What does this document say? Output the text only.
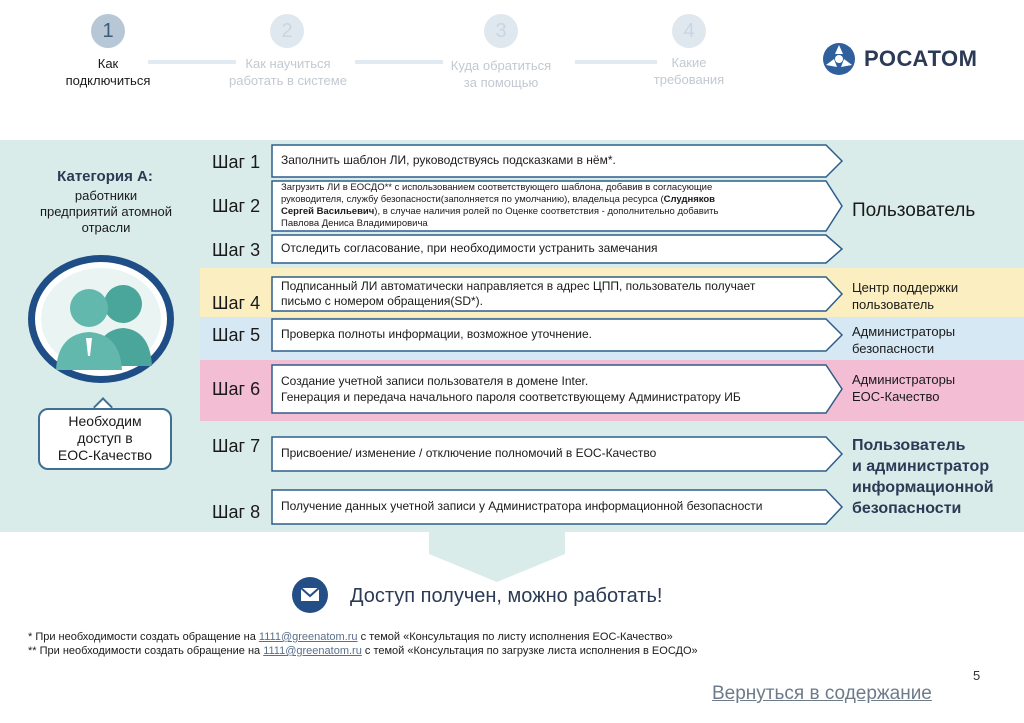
1
Как
подключиться
2
Как научиться
работать в системе
3
Куда обратиться
за помощью
4
Какие
требования
РОСАТОМ
Категория А:
работники
предприятий атомной
отрасли
Необходим
доступ в
ЕОС-Качество
Шаг 1
Шаг 2
Шаг 3
Шаг 4
Шаг 5
Шаг 6
Шаг 7
Шаг 8
Заполнить шаблон ЛИ, руководствуясь подсказками в нём*.
Загрузить ЛИ в ЕОСДО** с использованием соответствующего шаблона, добавив в согласующие
руководителя, службу безопасности(заполняется по умолчанию), владельца ресурса (Слудняков
Сергей Васильевич), в случае наличия ролей по Оценке соответствия - дополнительно добавить
Павлова Дениса Владимировича
Отследить согласование, при необходимости устранить замечания
Подписанный ЛИ автоматически направляется в адрес ЦПП, пользователь получает
письмо с номером обращения(SD*).
Проверка полноты информации, возможное уточнение.
Создание учетной записи пользователя в домене Inter.
Генерация и передача начального пароля соответствующему Администратору ИБ
Присвоение/ изменение / отключение полномочий в ЕОС-Качество
Получение данных учетной записи у Администратора информационной безопасности
Пользователь
Центр поддержки
пользователь
Администраторы
безопасности
Администраторы
ЕОС-Качество
Пользователь
и администратор
информационной
безопасности
Доступ получен, можно работать!
* При необходимости создать обращение на 1111@greenatom.ru с темой «Консультация по листу исполнения ЕОС-Качество»
** При необходимости создать обращение на 1111@greenatom.ru с темой «Консультация по загрузке листа исполнения в ЕОСДО»
5
Вернуться в содержание
